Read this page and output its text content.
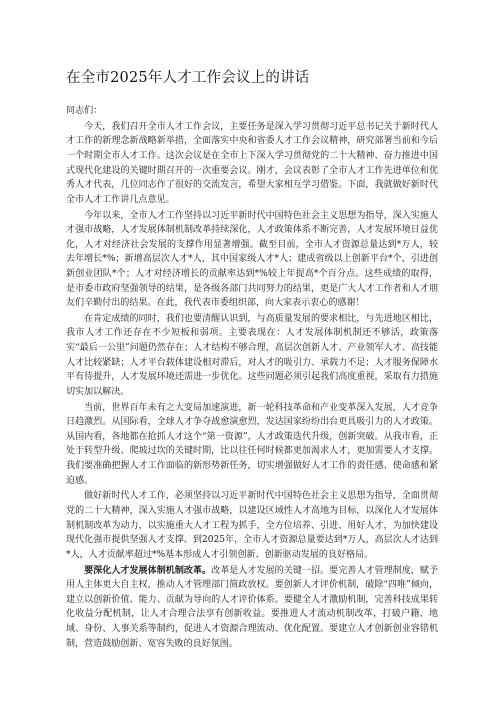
在全市2025年人才工作会议上的讲话

同志们：

今天，我们召开全市人才工作会议，主要任务是深入学习贯彻习近平总书记关于新时代人才工作的新理念新战略新举措，全面落实中央和省委人才工作会议精神，研究部署当前和今后一个时期全市人才工作。这次会议是在全市上下深入学习贯彻党的二十大精神、奋力推进中国式现代化建设的关键时期召开的一次重要会议。刚才，会议表彰了全市人才工作先进单位和优秀人才代表，几位同志作了很好的交流发言，希望大家相互学习借鉴。下面，我就做好新时代全市人才工作讲几点意见。

今年以来，全市人才工作坚持以习近平新时代中国特色社会主义思想为指导，深入实施人才强市战略，人才发展体制机制改革持续深化，人才政策体系不断完善，人才发展环境日益优化，人才对经济社会发展的支撑作用显著增强。截至目前，全市人才资源总量达到*万人，较去年增长*%；新增高层次人才*人，其中国家级人才*人；建成省级以上创新平台*个，引进创新创业团队*个；人才对经济增长的贡献率达到*%较上年提高*个百分点。这些成绩的取得，是市委市政府坚强领导的结果，是各级各部门共同努力的结果，更是广大人才工作者和人才朋友们辛勤付出的结果。在此，我代表市委组织部，向大家表示衷心的感谢！

在肯定成绩的同时，我们也要清醒认识到，与高质量发展的要求相比，与先进地区相比，我市人才工作还存在不少短板和弱项。主要表现在：人才发展体制机制还不够活，政策落实“最后一公里”问题仍然存在；人才结构不够合理，高层次创新人才、产业领军人才、高技能人才比较紧缺；人才平台载体建设相对滞后，对人才的吸引力、承载力不足；人才服务保障水平有待提升，人才发展环境还需进一步优化。这些问题必须引起我们高度重视，采取有力措施切实加以解决。

当前，世界百年未有之大变局加速演进，新一轮科技革命和产业变革深入发展，人才竞争日趋激烈。从国际看，全球人才争夺战愈演愈烈，发达国家纷纷出台更具吸引力的人才政策。从国内看，各地都在抢抓人才这个“第一资源”，人才政策迭代升级，创新突破。从我市看，正处于转型升级、爬坡过坎的关键时期，比以往任何时候都更加渴求人才，更加需要人才支撑。我们要准确把握人才工作面临的新形势新任务，切实增强做好人才工作的责任感、使命感和紧迫感。

做好新时代人才工作，必须坚持以习近平新时代中国特色社会主义思想为指导，全面贯彻党的二十大精神，深入实施人才强市战略，以建设区域性人才高地为目标，以深化人才发展体制机制改革为动力，以实施重大人才工程为抓手，全方位培养、引进、用好人才，为加快建设现代化强市提供坚强人才支撑。到2025年，全市人才资源总量要达到*万人，高层次人才达到*人，人才贡献率超过*%基本形成人才引领创新、创新驱动发展的良好格局。

要深化人才发展体制机制改革。改革是人才发展的关键一招。要完善人才管理制度，赋予用人主体更大自主权，推动人才管理部门简政放权。要创新人才评价机制，破除“四唯”倾向，建立以创新价值、能力、贡献为导向的人才评价体系。要健全人才激励机制，完善科技成果转化收益分配机制，让人才合理合法享有创新收益。要推进人才流动机制改革，打破户籍、地域、身份、人事关系等制约，促进人才资源合理流动、优化配置。要建立人才创新创业容错机制，营造鼓励创新、宽容失败的良好氛围。
